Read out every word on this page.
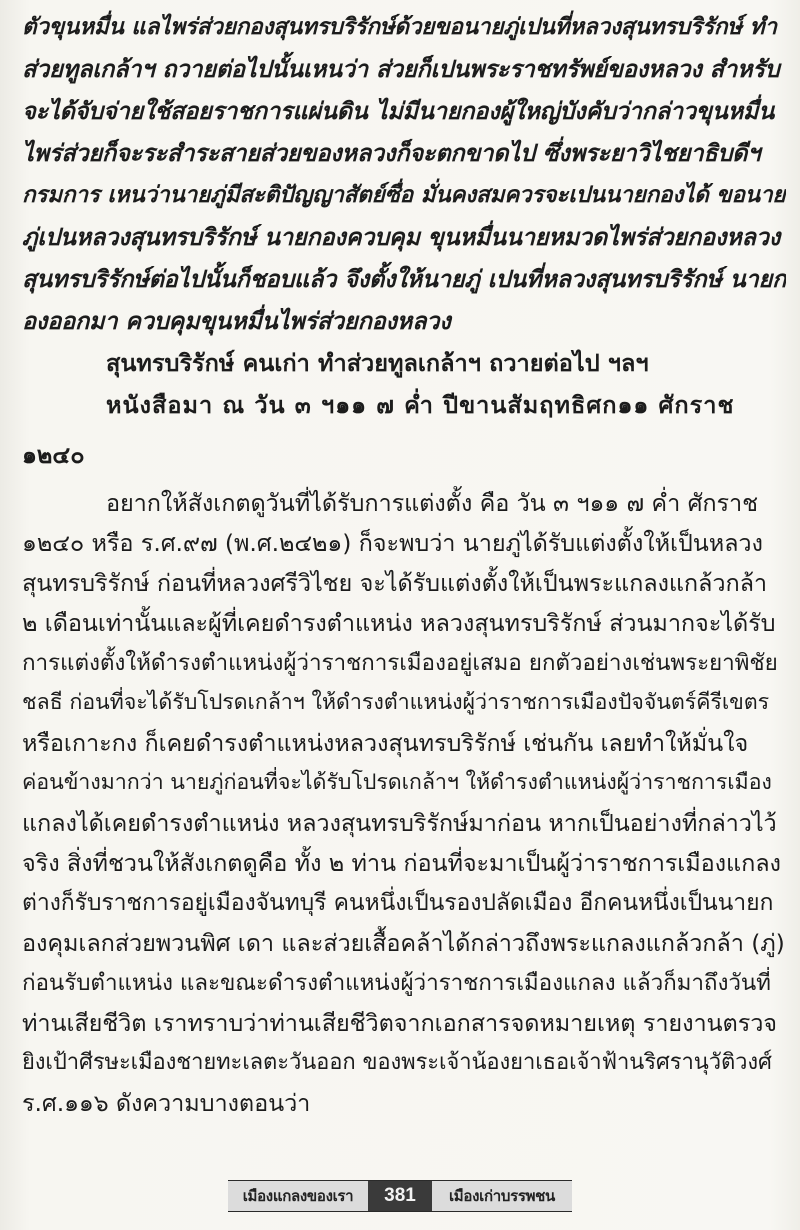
ตัวขุนหมื่น แลไพร่ส่วยกองสุนทรบริรักษ์ด้วยขอนายภู่เปนที่หลวงสุนทรบริรักษ์ ทำ
ส่วยทูลเกล้าฯ ถวายต่อไปนั้นเหนว่า ส่วยก็เปนพระราชทรัพย์ของหลวง สำหรับ
จะได้จับจ่ายใช้สอยราชการแผ่นดิน ไม่มีนายกองผู้ใหญ่บังคับว่ากล่าวขุนหมื่น
ไพร่ส่วยก็จะระสำระสายส่วยของหลวงก็จะตกขาดไป ซึ่งพระยาวิไชยาธิบดีฯ
กรมการ เหนว่านายภู่มีสะติปัญญาสัตย์ซื่อ มั่นคงสมควรจะเปนนายกองได้ ขอนาย
ภู่เปนหลวงสุนทรบริรักษ์ นายกองควบคุม ขุนหมื่นนายหมวดไพร่ส่วยกองหลวง
สุนทรบริรักษ์ต่อไปนั้นก็ชอบแล้ว จึงตั้งให้นายภู่ เปนที่หลวงสุนทรบริรักษ์ นายก
องออกมา ควบคุมขุนหมื่นไพร่ส่วยกองหลวง
สุนทรบริรักษ์ คนเก่า ทำส่วยทูลเกล้าฯ ถวายต่อไป ฯลฯ
หนังสือมา ณ วัน ๓ ฯ๑๑ ๗ ค่ำ ปีขานสัมฤทธิศก๑๑ ศักราช
๑๒๔๐
อยากให้สังเกตดูวันที่ได้รับการแต่งตั้ง คือ วัน ๓ ฯ๑๑ ๗ ค่ำ ศักราช
๑๒๔๐ หรือ ร.ศ.๙๗ (พ.ศ.๒๔๒๑) ก็จะพบว่า นายภู่ได้รับแต่งตั้งให้เป็นหลวง
สุนทรบริรักษ์ ก่อนที่หลวงศรีวิไชย จะได้รับแต่งตั้งให้เป็นพระแกลงแกล้วกล้า
๒ เดือนเท่านั้นและผู้ที่เคยดำรงตำแหน่ง หลวงสุนทรบริรักษ์ ส่วนมากจะได้รับ
การแต่งตั้งให้ดำรงตำแหน่งผู้ว่าราชการเมืองอยู่เสมอ ยกตัวอย่างเช่นพระยาพิชัย
ชลธี ก่อนที่จะได้รับโปรดเกล้าฯ ให้ดำรงตำแหน่งผู้ว่าราชการเมืองปัจจันตร์คีรีเขตร
หรือเกาะกง ก็เคยดำรงตำแหน่งหลวงสุนทรบริรักษ์ เช่นกัน เลยทำให้มั่นใจ
ค่อนข้างมากว่า นายภู่ก่อนที่จะได้รับโปรดเกล้าฯ ให้ดำรงตำแหน่งผู้ว่าราชการเมือง
แกลงได้เคยดำรงตำแหน่ง หลวงสุนทรบริรักษ์มาก่อน หากเป็นอย่างที่กล่าวไว้
จริง สิ่งที่ชวนให้สังเกตดูคือ ทั้ง ๒ ท่าน ก่อนที่จะมาเป็นผู้ว่าราชการเมืองแกลง
ต่างก็รับราชการอยู่เมืองจันทบุรี คนหนึ่งเป็นรองปลัดเมือง อีกคนหนึ่งเป็นนายก
องคุมเลกส่วยพวนพิศ เดา และส่วยเสื้อคล้าได้กล่าวถึงพระแกลงแกล้วกล้า (ภู่)
ก่อนรับตำแหน่ง และขณะดำรงตำแหน่งผู้ว่าราชการเมืองแกลง แล้วก็มาถึงวันที่
ท่านเสียชีวิต เราทราบว่าท่านเสียชีวิตจากเอกสารจดหมายเหตุ รายงานตรวจ
ยิงเป้าศีรษะเมืองชายทะเลตะวันออก ของพระเจ้าน้องยาเธอเจ้าฟ้านริศรานุวัติวงศ์
ร.ศ.๑๑๖ ดังความบางตอนว่า
เมืองแกลงของเรา	381	เมืองเก่าบรรพชน
